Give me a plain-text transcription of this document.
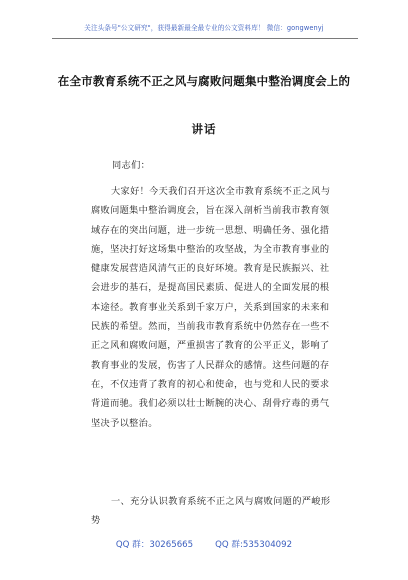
关注头条号"公文研究"，获得最新最全最专业的公文资料库！ 微信：gongwenyj
在全市教育系统不正之风与腐败问题集中整治调度会上的
讲话
同志们：
大家好！今天我们召开这次全市教育系统不正之风与
腐败问题集中整治调度会，旨在深入剖析当前我市教育领
域存在的突出问题，进一步统一思想、明确任务、强化措
施，坚决打好这场集中整治的攻坚战，为全市教育事业的
健康发展营造风清气正的良好环境。教育是民族振兴、社
会进步的基石，是提高国民素质、促进人的全面发展的根
本途径。教育事业关系到千家万户，关系到国家的未来和
民族的希望。然而，当前我市教育系统中仍然存在一些不
正之风和腐败问题，严重损害了教育的公平正义，影响了
教育事业的发展，伤害了人民群众的感情。这些问题的存
在，不仅违背了教育的初心和使命，也与党和人民的要求
背道而驰。我们必须以壮士断腕的决心、刮骨疗毒的勇气
坚决予以整治。
一、充分认识教育系统不正之风与腐败问题的严峻形
势
QQ 群：30265665	QQ 群:535304092
